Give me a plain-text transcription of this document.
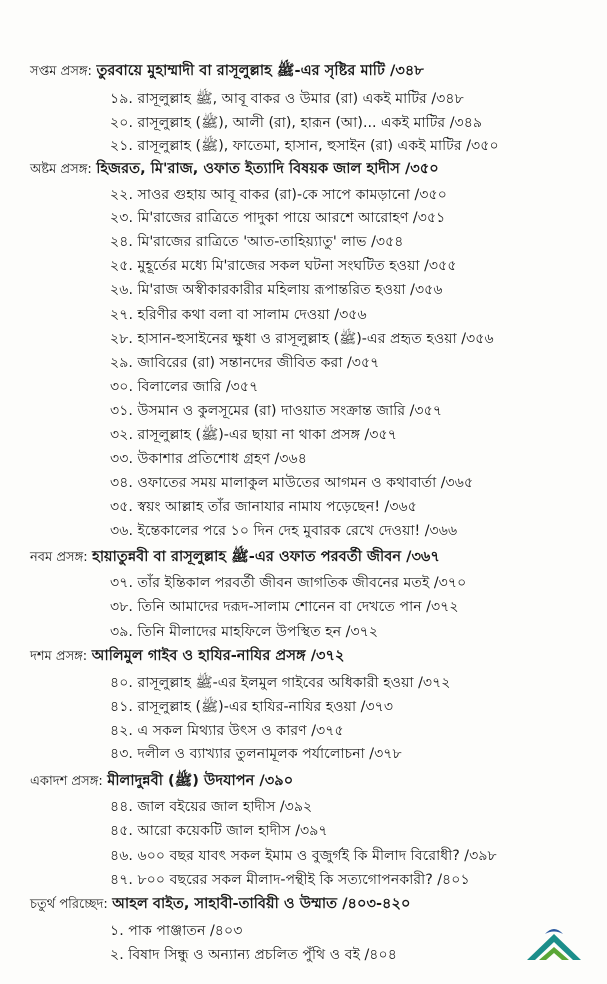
সপ্তম প্রসঙ্গ: তুরবায়ে মুহাম্মাদী বা রাসূলুল্লাহ ﷺ-এর সৃষ্টির মাটি /৩৪৮
১৯. রাসূলুল্লাহ ﷺ, আবূ বাকর ও উমার (রা) একই মাটির /৩৪৮
২০. রাসূলুল্লাহ (ﷺ), আলী (রা), হারূন (আ)... একই মাটির /৩৪৯
২১. রাসূলুল্লাহ (ﷺ), ফাতেমা, হাসান, হুসাইন (রা) একই মাটির /৩৫০
অষ্টম প্রসঙ্গ: হিজরত, মি'রাজ, ওফাত ইত্যাদি বিষয়ক জাল হাদীস /৩৫০
২২. সাওর গুহায় আবূ বাকর (রা)-কে সাপে কামড়ানো /৩৫০
২৩. মি'রাজের রাত্রিতে পাদুকা পায়ে আরশে আরোহণ /৩৫১
২৪. মি'রাজের রাত্রিতে 'আত-তাহিয়্যাতু' লাভ /৩৫৪
২৫. মুহূর্তের মধ্যে মি'রাজের সকল ঘটনা সংঘটিত হওয়া /৩৫৫
২৬. মি'রাজ অস্বীকারকারীর মহিলায় রূপান্তরিত হওয়া /৩৫৬
২৭. হরিণীর কথা বলা বা সালাম দেওয়া /৩৫৬
২৮. হাসান-হুসাইনের ক্ষুধা ও রাসূলুল্লাহ (ﷺ)-এর প্রহৃত হওয়া /৩৫৬
২৯. জাবিরের (রা) সন্তানদের জীবিত করা /৩৫৭
৩০. বিলালের জারি /৩৫৭
৩১. উসমান ও কুলসূমের (রা) দাওয়াত সংক্রান্ত জারি /৩৫৭
৩২. রাসূলুল্লাহ (ﷺ)-এর ছায়া না থাকা প্রসঙ্গ /৩৫৭
৩৩. উকাশার প্রতিশোধ গ্রহণ /৩৬৪
৩৪. ওফাতের সময় মালাকুল মাউতের আগমন ও কথাবার্তা /৩৬৫
৩৫. স্বয়ং আল্লাহ তাঁর জানাযার নামায পড়েছেন! /৩৬৫
৩৬. ইন্তেকালের পরে ১০ দিন দেহ মুবারক রেখে দেওয়া! /৩৬৬
নবম প্রসঙ্গ: হায়াতুন্নবী বা রাসূলুল্লাহ ﷺ-এর ওফাত পরবর্তী জীবন /৩৬৭
৩৭. তাঁর ইন্তিকাল পরবর্তী জীবন জাগতিক জীবনের মতই /৩৭০
৩৮. তিনি আমাদের দরূদ-সালাম শোনেন বা দেখতে পান /৩৭২
৩৯. তিনি মীলাদের মাহফিলে উপস্থিত হন /৩৭২
দশম প্রসঙ্গ: আলিমুল গাইব ও হাযির-নাযির প্রসঙ্গ /৩৭২
৪০. রাসূলুল্লাহ ﷺ-এর ইলমুল গাইবের অধিকারী হওয়া /৩৭২
৪১. রাসূলুল্লাহ (ﷺ)-এর হাযির-নাযির হওয়া /৩৭৩
৪২. এ সকল মিথ্যার উৎস ও কারণ /৩৭৫
৪৩. দলীল ও ব্যাখ্যার তুলনামূলক পর্যালোচনা /৩৭৮
একাদশ প্রসঙ্গ: মীলাদুন্নবী (ﷺ) উদযাপন /৩৯০
৪৪. জাল বইয়ের জাল হাদীস /৩৯২
৪৫. আরো কয়েকটি জাল হাদীস /৩৯৭
৪৬. ৬০০ বছর যাবৎ সকল ইমাম ও বুজুর্গই কি মীলাদ বিরোধী? /৩৯৮
৪৭. ৮০০ বছরের সকল মীলাদ-পন্থীই কি সত্যগোপনকারী? /৪০১
চতুর্থ পরিচ্ছেদ: আহল বাইত, সাহাবী-তাবিয়ী ও উম্মাত /৪০৩-৪২০
১. পাক পাঞ্জাতন /৪০৩
২. বিষাদ সিন্ধু ও অন্যান্য প্রচলিত পুঁথি ও বই /৪০৪
